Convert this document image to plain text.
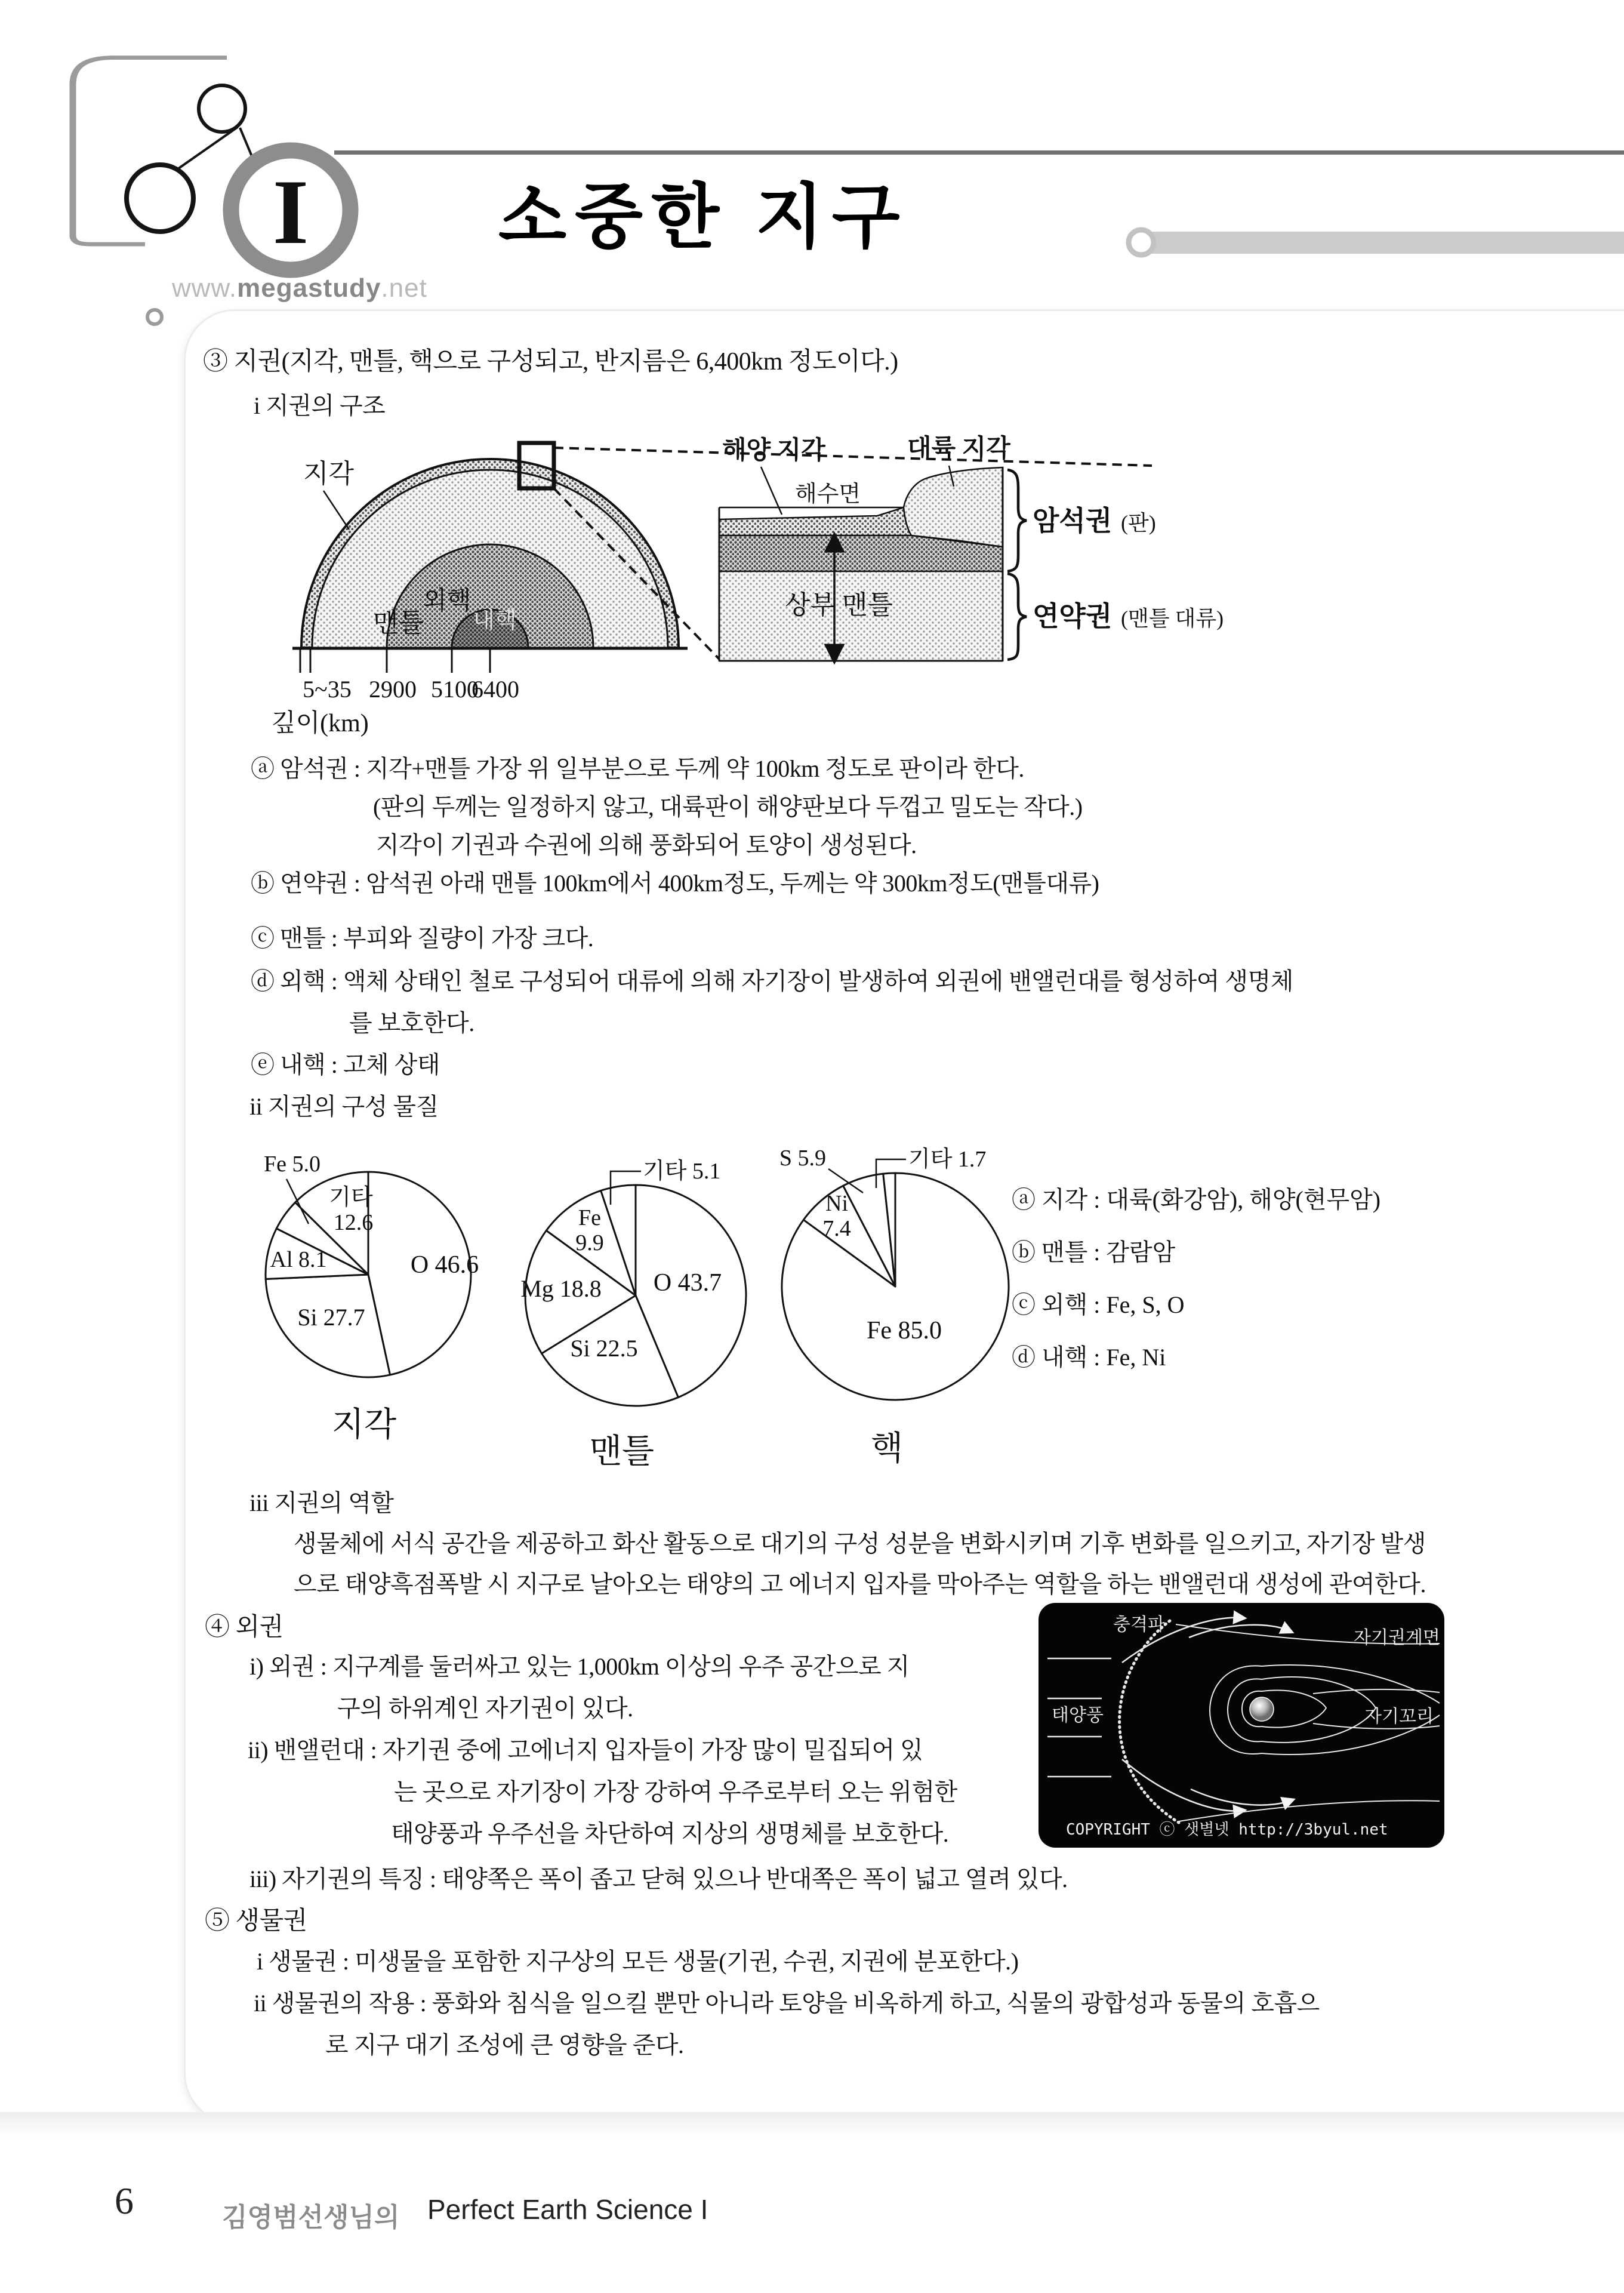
I	소중한 지구
www.megastudy.net
③ 지권(지각, 맨틀, 핵으로 구성되고, 반지름은 6,400km 정도이다.)
i 지권의 구조
5~35 2900 5100
6400
깊이(km)
지각
맨틀
외핵
내핵
해수면
해양 지각	대륙 지각
상부 맨틀
암석권 (판)
연약권 (맨틀 대류)
ⓐ 암석권 : 지각+맨틀 가장 위 일부분으로 두께 약 100km 정도로 판이라 한다.
(판의 두께는 일정하지 않고, 대륙판이 해양판보다 두껍고 밀도는 작다.)
지각이 기권과 수권에 의해 풍화되어 토양이 생성된다.
ⓑ 연약권 : 암석권 아래 맨틀 100km에서 400km정도, 두께는 약 300km정도(맨틀대류)
ⓒ 맨틀 : 부피와 질량이 가장 크다.
ⓓ 외핵 : 액체 상태인 철로 구성되어 대류에 의해 자기장이 발생하여 외권에 밴앨런대를 형성하여 생명체
를 보호한다.
ⓔ 내핵 : 고체 상태
ii 지권의 구성 물질
Fe 5.0
기타
12.6
Al 8.1
Si 27.7
O 46.6
지각
기타 5.1
Fe
9.9
Mg 18.8
Si 22.5
O 43.7
맨틀
S 5.9	기타 1.7
Ni
7.4
Fe 85.0
핵
ⓐ 지각 : 대륙(화강암), 해양(현무암)
ⓑ 맨틀 : 감람암
ⓒ 외핵 : Fe, S, O
ⓓ 내핵 : Fe, Ni
iii 지권의 역할
생물체에 서식 공간을 제공하고 화산 활동으로 대기의 구성 성분을 변화시키며 기후 변화를 일으키고, 자기장 발생
으로 태양흑점폭발 시 지구로 날아오는 태양의 고 에너지 입자를 막아주는 역할을 하는 밴앨런대 생성에 관여한다.
④ 외권
i) 외권 : 지구계를 둘러싸고 있는 1,000km 이상의 우주 공간으로 지
구의 하위계인 자기권이 있다.
ii) 밴앨런대 : 자기권 중에 고에너지 입자들이 가장 많이 밀집되어 있
는 곳으로 자기장이 가장 강하여 우주로부터 오는 위험한
태양풍과 우주선을 차단하여 지상의 생명체를 보호한다.
iii) 자기권의 특징 : 태양쪽은 폭이 좁고 닫혀 있으나 반대쪽은 폭이 넓고 열려 있다.
충격파
자기권계면
태양풍	자기꼬리
COPYRIGHT ⓒ 샛별넷 http://3byul.net
⑤ 생물권
i 생물권 : 미생물을 포함한 지구상의 모든 생물(기권, 수권, 지권에 분포한다.)
ii 생물권의 작용 : 풍화와 침식을 일으킬 뿐만 아니라 토양을 비옥하게 하고, 식물의 광합성과 동물의 호흡으
로 지구 대기 조성에 큰 영향을 준다.
6	김영범선생님의 Perfect Earth Science I
